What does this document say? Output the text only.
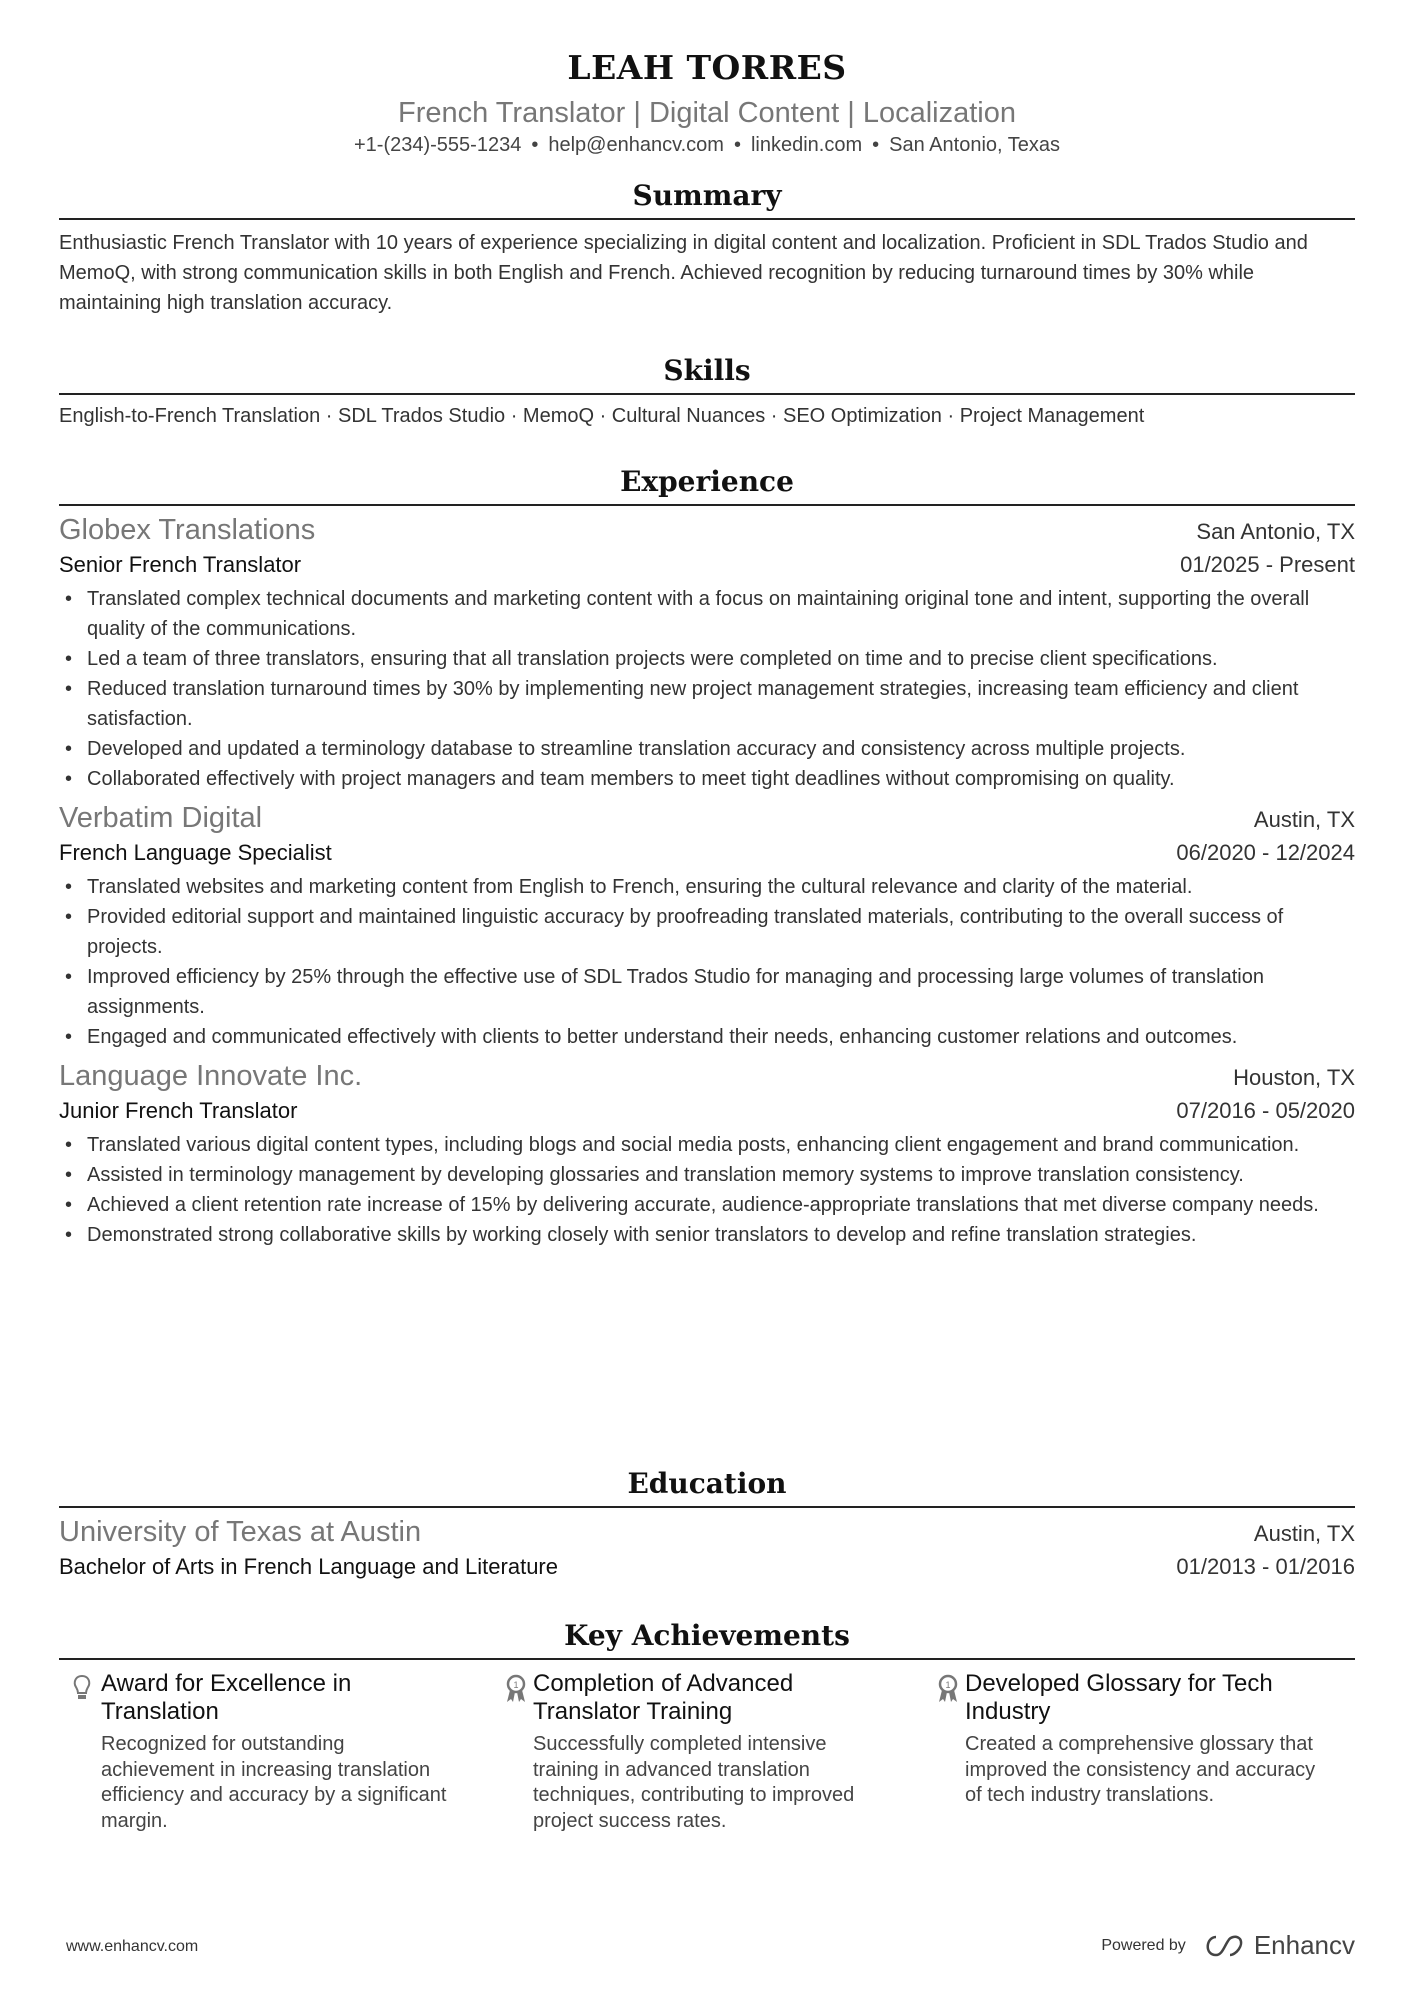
LEAH TORRES
French Translator | Digital Content | Localization
+1-(234)-555-1234 • help@enhancv.com • linkedin.com • San Antonio, Texas
Summary

Enthusiastic French Translator with 10 years of experience specializing in digital content and localization. Proficient in SDL Trados Studio and MemoQ, with strong communication skills in both English and French. Achieved recognition by reducing turnaround times by 30% while maintaining high translation accuracy.

Skills

English-to-French Translation · SDL Trados Studio · MemoQ · Cultural Nuances · SEO Optimization · Project Management

Experience
Globex Translations	San Antonio, TX
Senior French Translator	01/2025 - Present
• Translated complex technical documents and marketing content with a focus on maintaining original tone and intent, supporting the overall quality of the communications.
• Led a team of three translators, ensuring that all translation projects were completed on time and to precise client specifications.
• Reduced translation turnaround times by 30% by implementing new project management strategies, increasing team efficiency and client satisfaction.
• Developed and updated a terminology database to streamline translation accuracy and consistency across multiple projects.
• Collaborated effectively with project managers and team members to meet tight deadlines without compromising on quality.
Verbatim Digital	Austin, TX
French Language Specialist	06/2020 - 12/2024
• Translated websites and marketing content from English to French, ensuring the cultural relevance and clarity of the material.
• Provided editorial support and maintained linguistic accuracy by proofreading translated materials, contributing to the overall success of projects.
• Improved efficiency by 25% through the effective use of SDL Trados Studio for managing and processing large volumes of translation assignments.
• Engaged and communicated effectively with clients to better understand their needs, enhancing customer relations and outcomes.
Language Innovate Inc.	Houston, TX
Junior French Translator	07/2016 - 05/2020
• Translated various digital content types, including blogs and social media posts, enhancing client engagement and brand communication.
• Assisted in terminology management by developing glossaries and translation memory systems to improve translation consistency.
• Achieved a client retention rate increase of 15% by delivering accurate, audience-appropriate translations that met diverse company needs.
• Demonstrated strong collaborative skills by working closely with senior translators to develop and refine translation strategies.
Education
University of Texas at Austin	Austin, TX
Bachelor of Arts in French Language and Literature	01/2013 - 01/2016
Key Achievements
Award for Excellence in Translation
Recognized for outstanding achievement in increasing translation efficiency and accuracy by a significant margin.
1 Completion of Advanced Translator Training
Successfully completed intensive training in advanced translation techniques, contributing to improved project success rates.
1 Developed Glossary for Tech Industry
Created a comprehensive glossary that improved the consistency and accuracy of tech industry translations.
www.enhancv.com	Powered by	Enhancv
